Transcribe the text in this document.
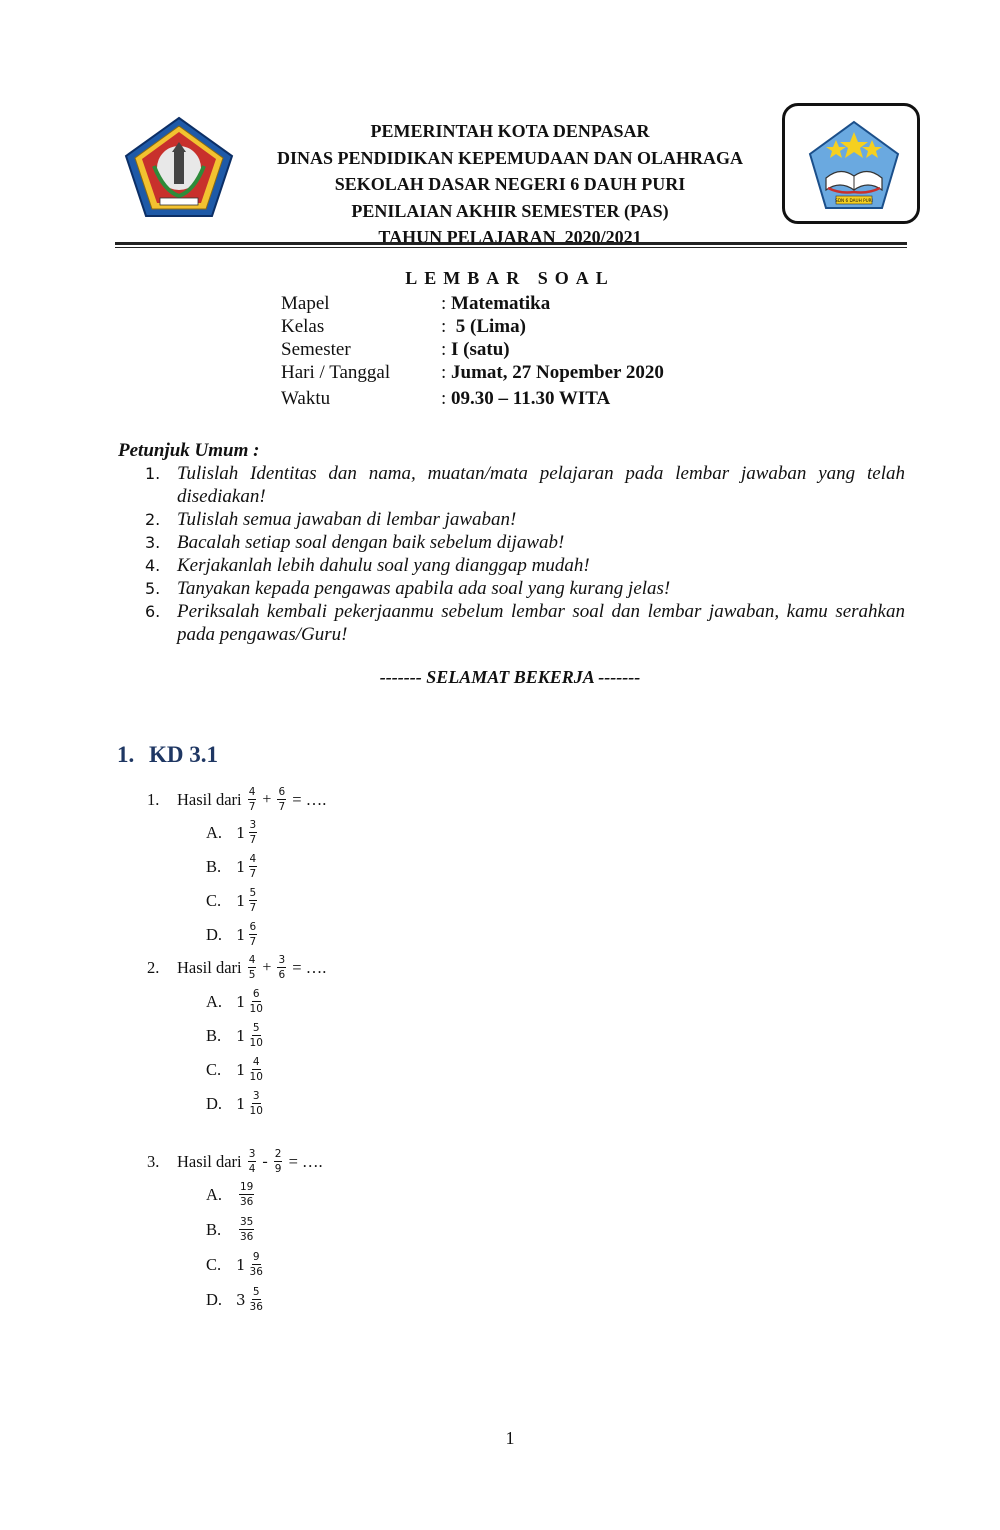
PEMERINTAH KOTA DENPASAR
DINAS PENDIDIKAN KEPEMUDAAN DAN OLAHRAGA
SEKOLAH DASAR NEGERI 6 DAUH PURI
PENILAIAN AKHIR SEMESTER (PAS)
TAHUN PELAJARAN  2020/2021
SDN 6 DAUH PURI
LEMBAR SOAL
Mapel	: Matematika
Kelas	:  5 (Lima)
Semester	: I (satu)
Hari / Tanggal	: Jumat, 27 Nopember 2020
Waktu	: 09.30 – 11.30 WITA
Petunjuk Umum :
1. Tulislah Identitas dan nama, muatan/mata pelajaran pada lembar jawaban yang telah disediakan!
2. Tulislah semua jawaban di lembar jawaban!
3. Bacalah setiap soal dengan baik sebelum dijawab!
4. Kerjakanlah lebih dahulu soal yang dianggap mudah!
5. Tanyakan kepada pengawas apabila ada soal yang kurang jelas!
6. Periksalah kembali pekerjaanmu sebelum lembar soal dan lembar jawaban, kamu serahkan pada pengawas/Guru!
------- SELAMAT BEKERJA -------
1. KD 3.1
1.	Hasil dari
$\frac{4}{7} + \frac{6}{7}$
= ….
A. $1 \frac{3}{7}$
B. $1 \frac{4}{7}$
C. $1 \frac{5}{7}$
D. $1 \frac{6}{7}$
2.	Hasil dari
$\frac{4}{5} + \frac{3}{6}$
= ….
A. $1 \frac{6}{10}$
B. $1 \frac{5}{10}$
C. $1 \frac{4}{10}$
D. $1 \frac{3}{10}$
3.	Hasil dari
$\frac{3}{4} - \frac{2}{9}$
= ….
A.	$\frac{19}{36}$
B.	$\frac{35}{36}$
C. $1 \frac{9}{36}$
D. $3 \frac{5}{36}$
1
